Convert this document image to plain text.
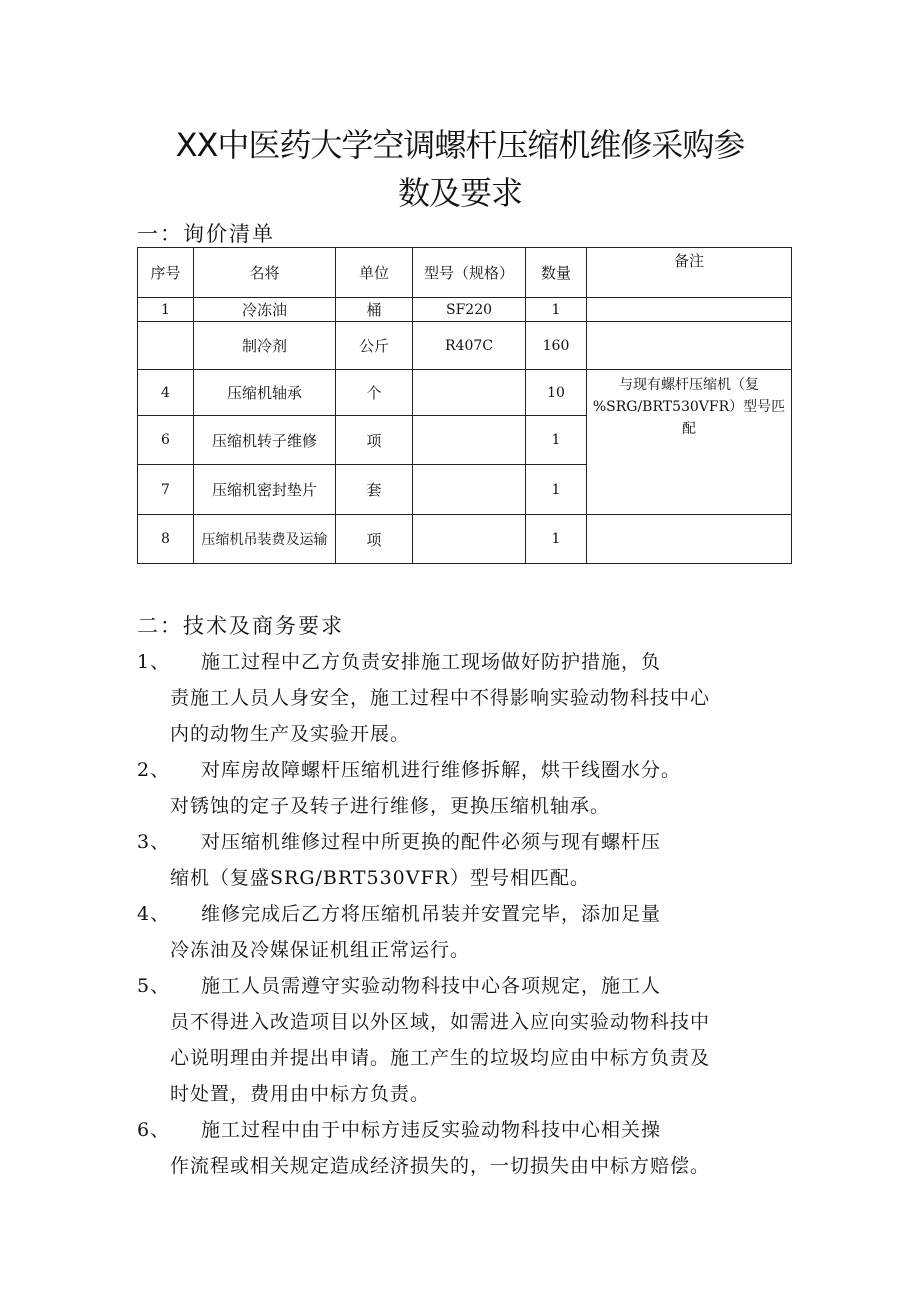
XX中医药大学空调螺杆压缩机维修采购参
数及要求
一：询价清单
序号	名将	单位	型号（规格）	数量	备注
1	冷冻油	桶	SF220	1	
	制冷剂	公斤	R407C	160	
4	压缩机轴承	个		10	与现有螺杆压缩机（复
%SRG/BRT530VFR）型号匹
配

6	压缩机转子维修	项		1	
7	压缩机密封垫片	套		1	
8	压缩机吊装费及运输	项		1	
二：技术及商务要求
1、 施工过程中乙方负责安排施工现场做好防护措施，负
责施工人员人身安全，施工过程中不得影响实验动物科技中心
内的动物生产及实验开展。
2、 对库房故障螺杆压缩机进行维修拆解，烘干线圈水分。
对锈蚀的定子及转子进行维修，更换压缩机轴承。
3、 对压缩机维修过程中所更换的配件必须与现有螺杆压
缩机（复盛SRG/BRT530VFR）型号相匹配。
4、 维修完成后乙方将压缩机吊装并安置完毕，添加足量
冷冻油及冷媒保证机组正常运行。
5、 施工人员需遵守实验动物科技中心各项规定，施工人
员不得进入改造项目以外区域，如需进入应向实验动物科技中
心说明理由并提出申请。施工产生的垃圾均应由中标方负责及
时处置，费用由中标方负责。
6、 施工过程中由于中标方违反实验动物科技中心相关操
作流程或相关规定造成经济损失的，一切损失由中标方赔偿。
